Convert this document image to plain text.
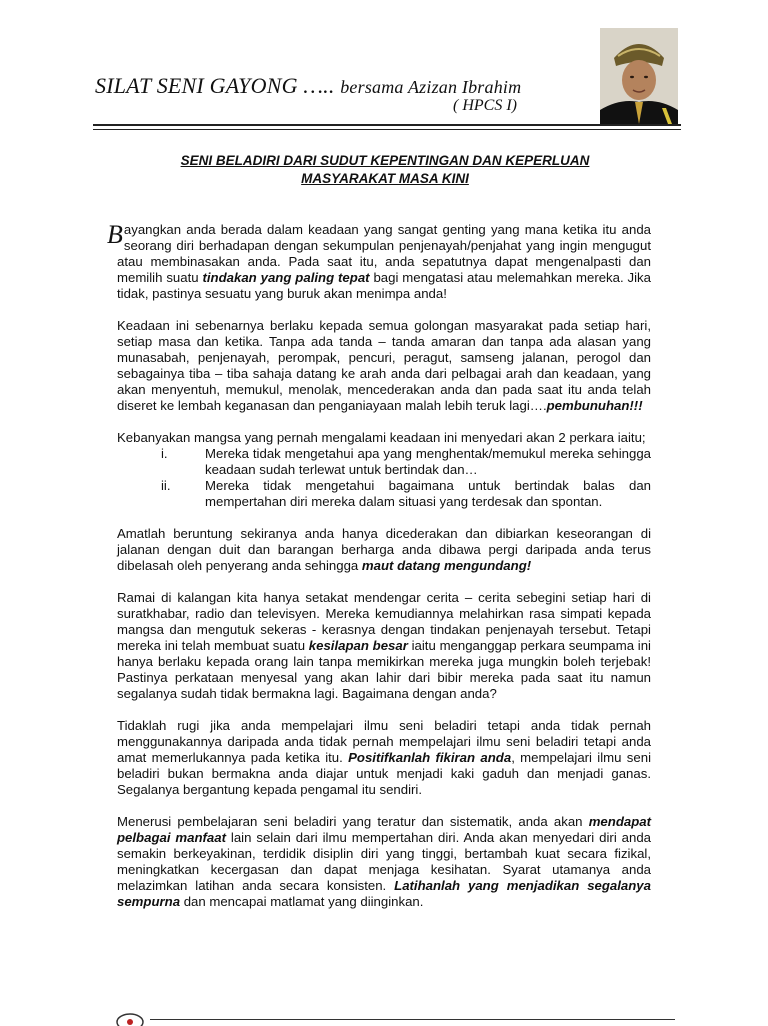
SILAT SENI GAYONG ….. bersama Azizan Ibrahim
( HPCS I)
SENI BELADIRI DARI SUDUT KEPENTINGAN DAN KEPERLUAN
MASYARAKAT MASA KINI

Bayangkan anda berada dalam keadaan yang sangat genting yang mana ketika itu anda seorang diri berhadapan dengan sekumpulan penjenayah/penjahat yang ingin mengugut atau membinasakan anda. Pada saat itu, anda sepatutnya dapat mengenalpasti dan memilih suatu tindakan yang paling tepat bagi mengatasi atau melemahkan mereka. Jika tidak, pastinya sesuatu yang buruk akan menimpa anda!

Keadaan ini sebenarnya berlaku kepada semua golongan masyarakat pada setiap hari, setiap masa dan ketika. Tanpa ada tanda – tanda amaran dan tanpa ada alasan yang munasabah, penjenayah, perompak, pencuri, peragut, samseng jalanan, perogol dan sebagainya tiba – tiba sahaja datang ke arah anda dari pelbagai arah dan keadaan, yang akan menyentuh, memukul, menolak, mencederakan anda dan pada saat itu anda telah diseret ke lembah keganasan dan penganiayaan malah lebih teruk lagi….pembunuhan!!!

Kebanyakan mangsa yang pernah mengalami keadaan ini menyedari akan 2 perkara iaitu;

i.	Mereka tidak mengetahui apa yang menghentak/memukul mereka sehingga keadaan sudah terlewat untuk bertindak dan…
ii.	Mereka tidak mengetahui bagaimana untuk bertindak balas dan mempertahan diri mereka dalam situasi yang terdesak dan spontan.

Amatlah beruntung sekiranya anda hanya dicederakan dan dibiarkan keseorangan di jalanan dengan duit dan barangan berharga anda dibawa pergi daripada anda terus dibelasah oleh penyerang anda sehingga maut datang mengundang!

Ramai di kalangan kita hanya setakat mendengar cerita – cerita sebegini setiap hari di suratkhabar, radio dan televisyen. Mereka kemudiannya melahirkan rasa simpati kepada mangsa dan mengutuk sekeras - kerasnya dengan tindakan penjenayah tersebut. Tetapi mereka ini telah membuat suatu kesilapan besar iaitu menganggap perkara seumpama ini hanya berlaku kepada orang lain tanpa memikirkan mereka juga mungkin boleh terjebak! Pastinya perkataan menyesal yang akan lahir dari bibir mereka pada saat itu namun segalanya sudah tidak bermakna lagi. Bagaimana dengan anda?

Tidaklah rugi jika anda mempelajari ilmu seni beladiri tetapi anda tidak pernah menggunakannya daripada anda tidak pernah mempelajari ilmu seni beladiri tetapi anda amat memerlukannya pada ketika itu. Positifkanlah fikiran anda, mempelajari ilmu seni beladiri bukan bermakna anda diajar untuk menjadi kaki gaduh dan menjadi ganas. Segalanya bergantung kepada pengamal itu sendiri.

Menerusi pembelajaran seni beladiri yang teratur dan sistematik, anda akan mendapat pelbagai manfaat lain selain dari ilmu mempertahan diri. Anda akan menyedari diri anda semakin berkeyakinan, terdidik disiplin diri yang tinggi, bertambah kuat secara fizikal, meningkatkan kecergasan dan dapat menjaga kesihatan. Syarat utamanya anda melazimkan latihan anda secara konsisten. Latihanlah yang menjadikan segalanya sempurna dan mencapai matlamat yang diinginkan.
